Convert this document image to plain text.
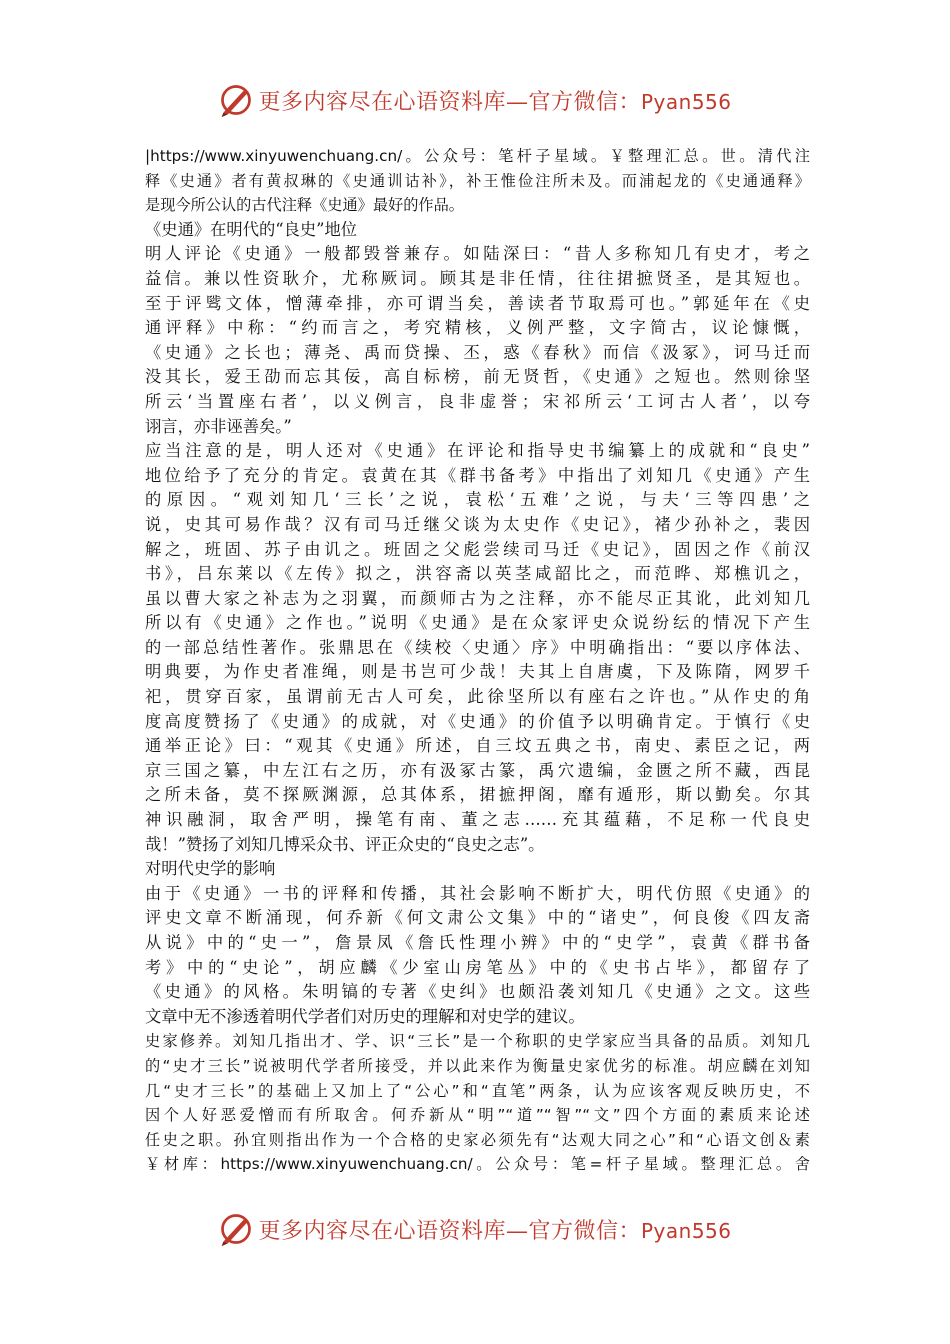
更多内容尽在心语资料库—官方微信：Pyan556
|https://www.xinyuwenchuang.cn/。公众号：笔杆子星域。￥整理汇总。世。清代注
释《史通》者有黄叔琳的《史通训诂补》，补王惟俭注所未及。而浦起龙的《史通通释》
是现今所公认的古代注释《史通》最好的作品。
《史通》在明代的“良史”地位
明人评论《史通》一般都毁誉兼存。如陆深曰：“昔人多称知几有史才，考之
益信。兼以性资耿介，尤称厥词。顾其是非任情，往往捃摭贤圣，是其短也。
至于评骘文体，憎薄牵排，亦可谓当矣，善读者节取焉可也。”郭延年在《史
通评释》中称：“约而言之，考究精核，义例严整，文字简古，议论慷慨，
《史通》之长也；薄尧、禹而贷操、丕，惑《春秋》而信《汲冢》，诃马迁而
没其长，爱王劭而忘其佞，高自标榜，前无贤哲，《史通》之短也。然则徐坚
所云‘当置座右者’，以义例言，良非虚誉；宋祁所云‘工诃古人者’，以夸
诩言，亦非诬善矣。”
应当注意的是，明人还对《史通》在评论和指导史书编纂上的成就和“良史”
地位给予了充分的肯定。袁黄在其《群书备考》中指出了刘知几《史通》产生
的原因。“观刘知几‘三长’之说，袁松‘五难’之说，与夫‘三等四患’之
说，史其可易作哉？汉有司马迁继父谈为太史作《史记》，褚少孙补之，裴因
解之，班固、苏子由讥之。班固之父彪尝续司马迁《史记》，固因之作《前汉
书》，吕东莱以《左传》拟之，洪容斋以英茎咸韶比之，而范晔、郑樵讥之，
虽以曹大家之补志为之羽翼，而颜师古为之注释，亦不能尽正其讹，此刘知几
所以有《史通》之作也。”说明《史通》是在众家评史众说纷纭的情况下产生
的一部总结性著作。张鼎思在《续校〈史通〉序》中明确指出：“要以序体法、
明典要，为作史者准绳，则是书岂可少哉！夫其上自唐虞，下及陈隋，网罗千
祀，贯穿百家，虽谓前无古人可矣，此徐坚所以有座右之许也。”从作史的角
度高度赞扬了《史通》的成就，对《史通》的价值予以明确肯定。于慎行《史
通举正论》曰：“观其《史通》所述，自三坟五典之书，南史、素臣之记，两
京三国之纂，中左江右之历，亦有汲冢古篆，禹穴遗编，金匮之所不藏，西昆
之所未备，莫不探厥渊源，总其体系，捃摭押阁，靡有遁形，斯以勤矣。尔其
神识融洞，取舍严明，操笔有南、董之志……充其蕴藉，不足称一代良史
哉！”赞扬了刘知几博采众书、评正众史的“良史之志”。
对明代史学的影响
由于《史通》一书的评释和传播，其社会影响不断扩大，明代仿照《史通》的
评史文章不断涌现，何乔新《何文肃公文集》中的“诸史”，何良俊《四友斋
从说》中的“史一”，詹景凤《詹氏性理小辨》中的“史学”，袁黄《群书备
考》中的“史论”，胡应麟《少室山房笔丛》中的《史书占毕》，都留存了
《史通》的风格。朱明镐的专著《史纠》也颇沿袭刘知几《史通》之文。这些
文章中无不渗透着明代学者们对历史的理解和对史学的建议。
史家修养。刘知几指出才、学、识“三长”是一个称职的史学家应当具备的品质。刘知几
的“史才三长”说被明代学者所接受，并以此来作为衡量史家优劣的标准。胡应麟在刘知
几“史才三长”的基础上又加上了“公心”和“直笔”两条，认为应该客观反映历史，不
因个人好恶爱憎而有所取舍。何乔新从“明”“道”“智”“文”四个方面的素质来论述
任史之职。孙宜则指出作为一个合格的史家必须先有“达观大同之心”和“心语文创＆素
￥材库：https://www.xinyuwenchuang.cn/。公众号：笔=杆子星域。整理汇总。舍
更多内容尽在心语资料库—官方微信：Pyan556
